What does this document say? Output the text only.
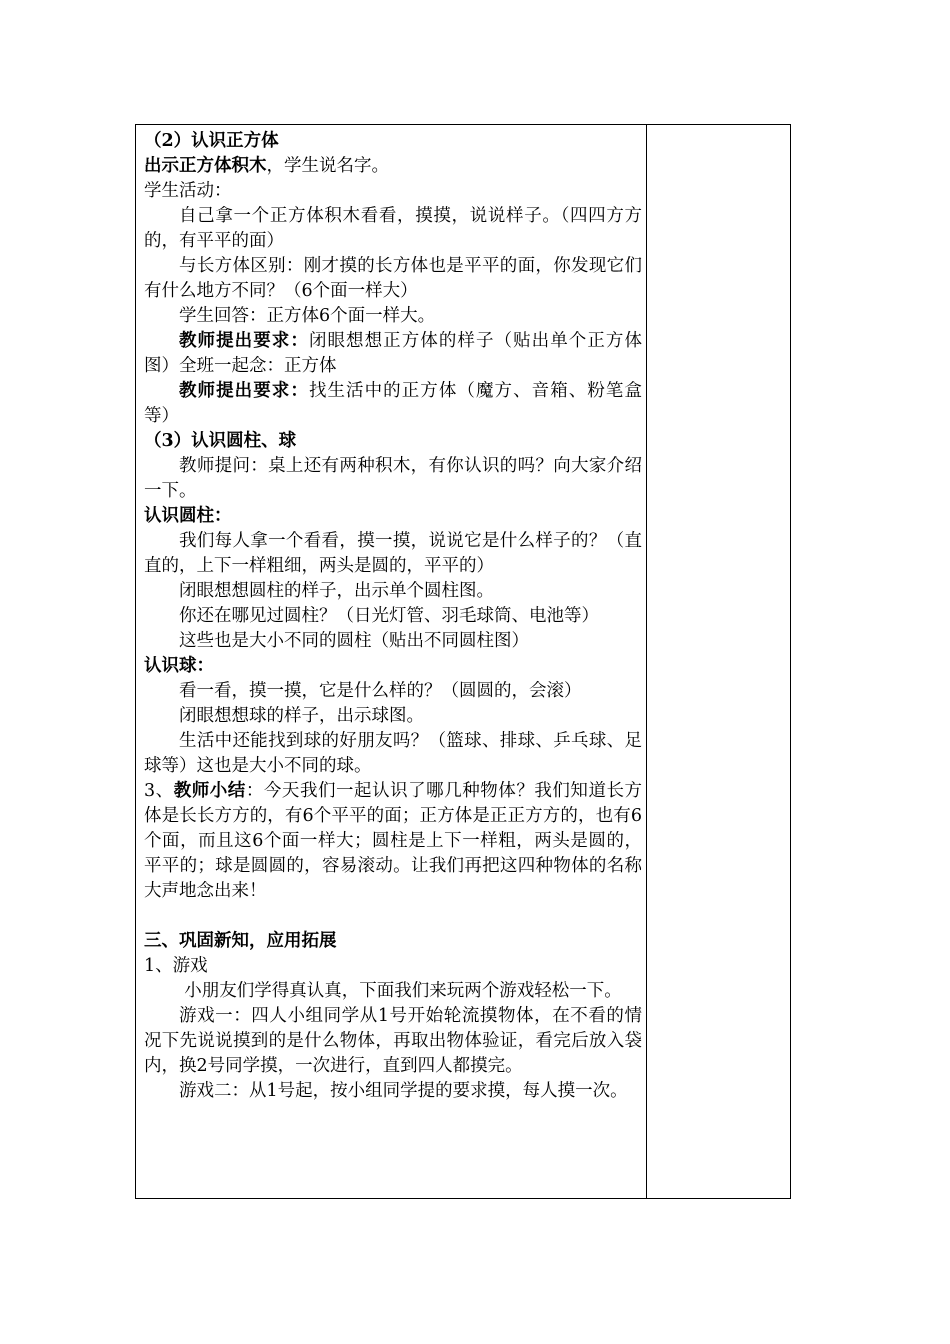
（2）认识正方体

出示正方体积木，学生说名字。

学生活动：

自己拿一个正方体积木看看，摸摸，说说样子。（四四方方的，有平平的面）

与长方体区别：刚才摸的长方体也是平平的面，你发现它们有什么地方不同？（6个面一样大）

学生回答：正方体6个面一样大。

教师提出要求：闭眼想想正方体的样子（贴出单个正方体图）全班一起念：正方体

教师提出要求：找生活中的正方体（魔方、音箱、粉笔盒等）

（3）认识圆柱、球

教师提问：桌上还有两种积木，有你认识的吗？向大家介绍一下。

认识圆柱：

我们每人拿一个看看，摸一摸，说说它是什么样子的？（直直的，上下一样粗细，两头是圆的，平平的）

闭眼想想圆柱的样子，出示单个圆柱图。

你还在哪见过圆柱？（日光灯管、羽毛球筒、电池等）

这些也是大小不同的圆柱（贴出不同圆柱图）

认识球：

看一看，摸一摸，它是什么样的？（圆圆的，会滚）

闭眼想想球的样子，出示球图。

生活中还能找到球的好朋友吗？（篮球、排球、乒乓球、足球等）这也是大小不同的球。

3、教师小结：今天我们一起认识了哪几种物体？我们知道长方体是长长方方的，有6个平平的面；正方体是正正方方的，也有6个面，而且这6个面一样大；圆柱是上下一样粗，两头是圆的，平平的；球是圆圆的，容易滚动。让我们再把这四种物体的名称大声地念出来！

三、巩固新知，应用拓展

1、游戏

小朋友们学得真认真，下面我们来玩两个游戏轻松一下。

游戏一：四人小组同学从1号开始轮流摸物体，在不看的情况下先说说摸到的是什么物体，再取出物体验证，看完后放入袋内，换2号同学摸，一次进行，直到四人都摸完。

游戏二：从1号起，按小组同学提的要求摸，每人摸一次。
